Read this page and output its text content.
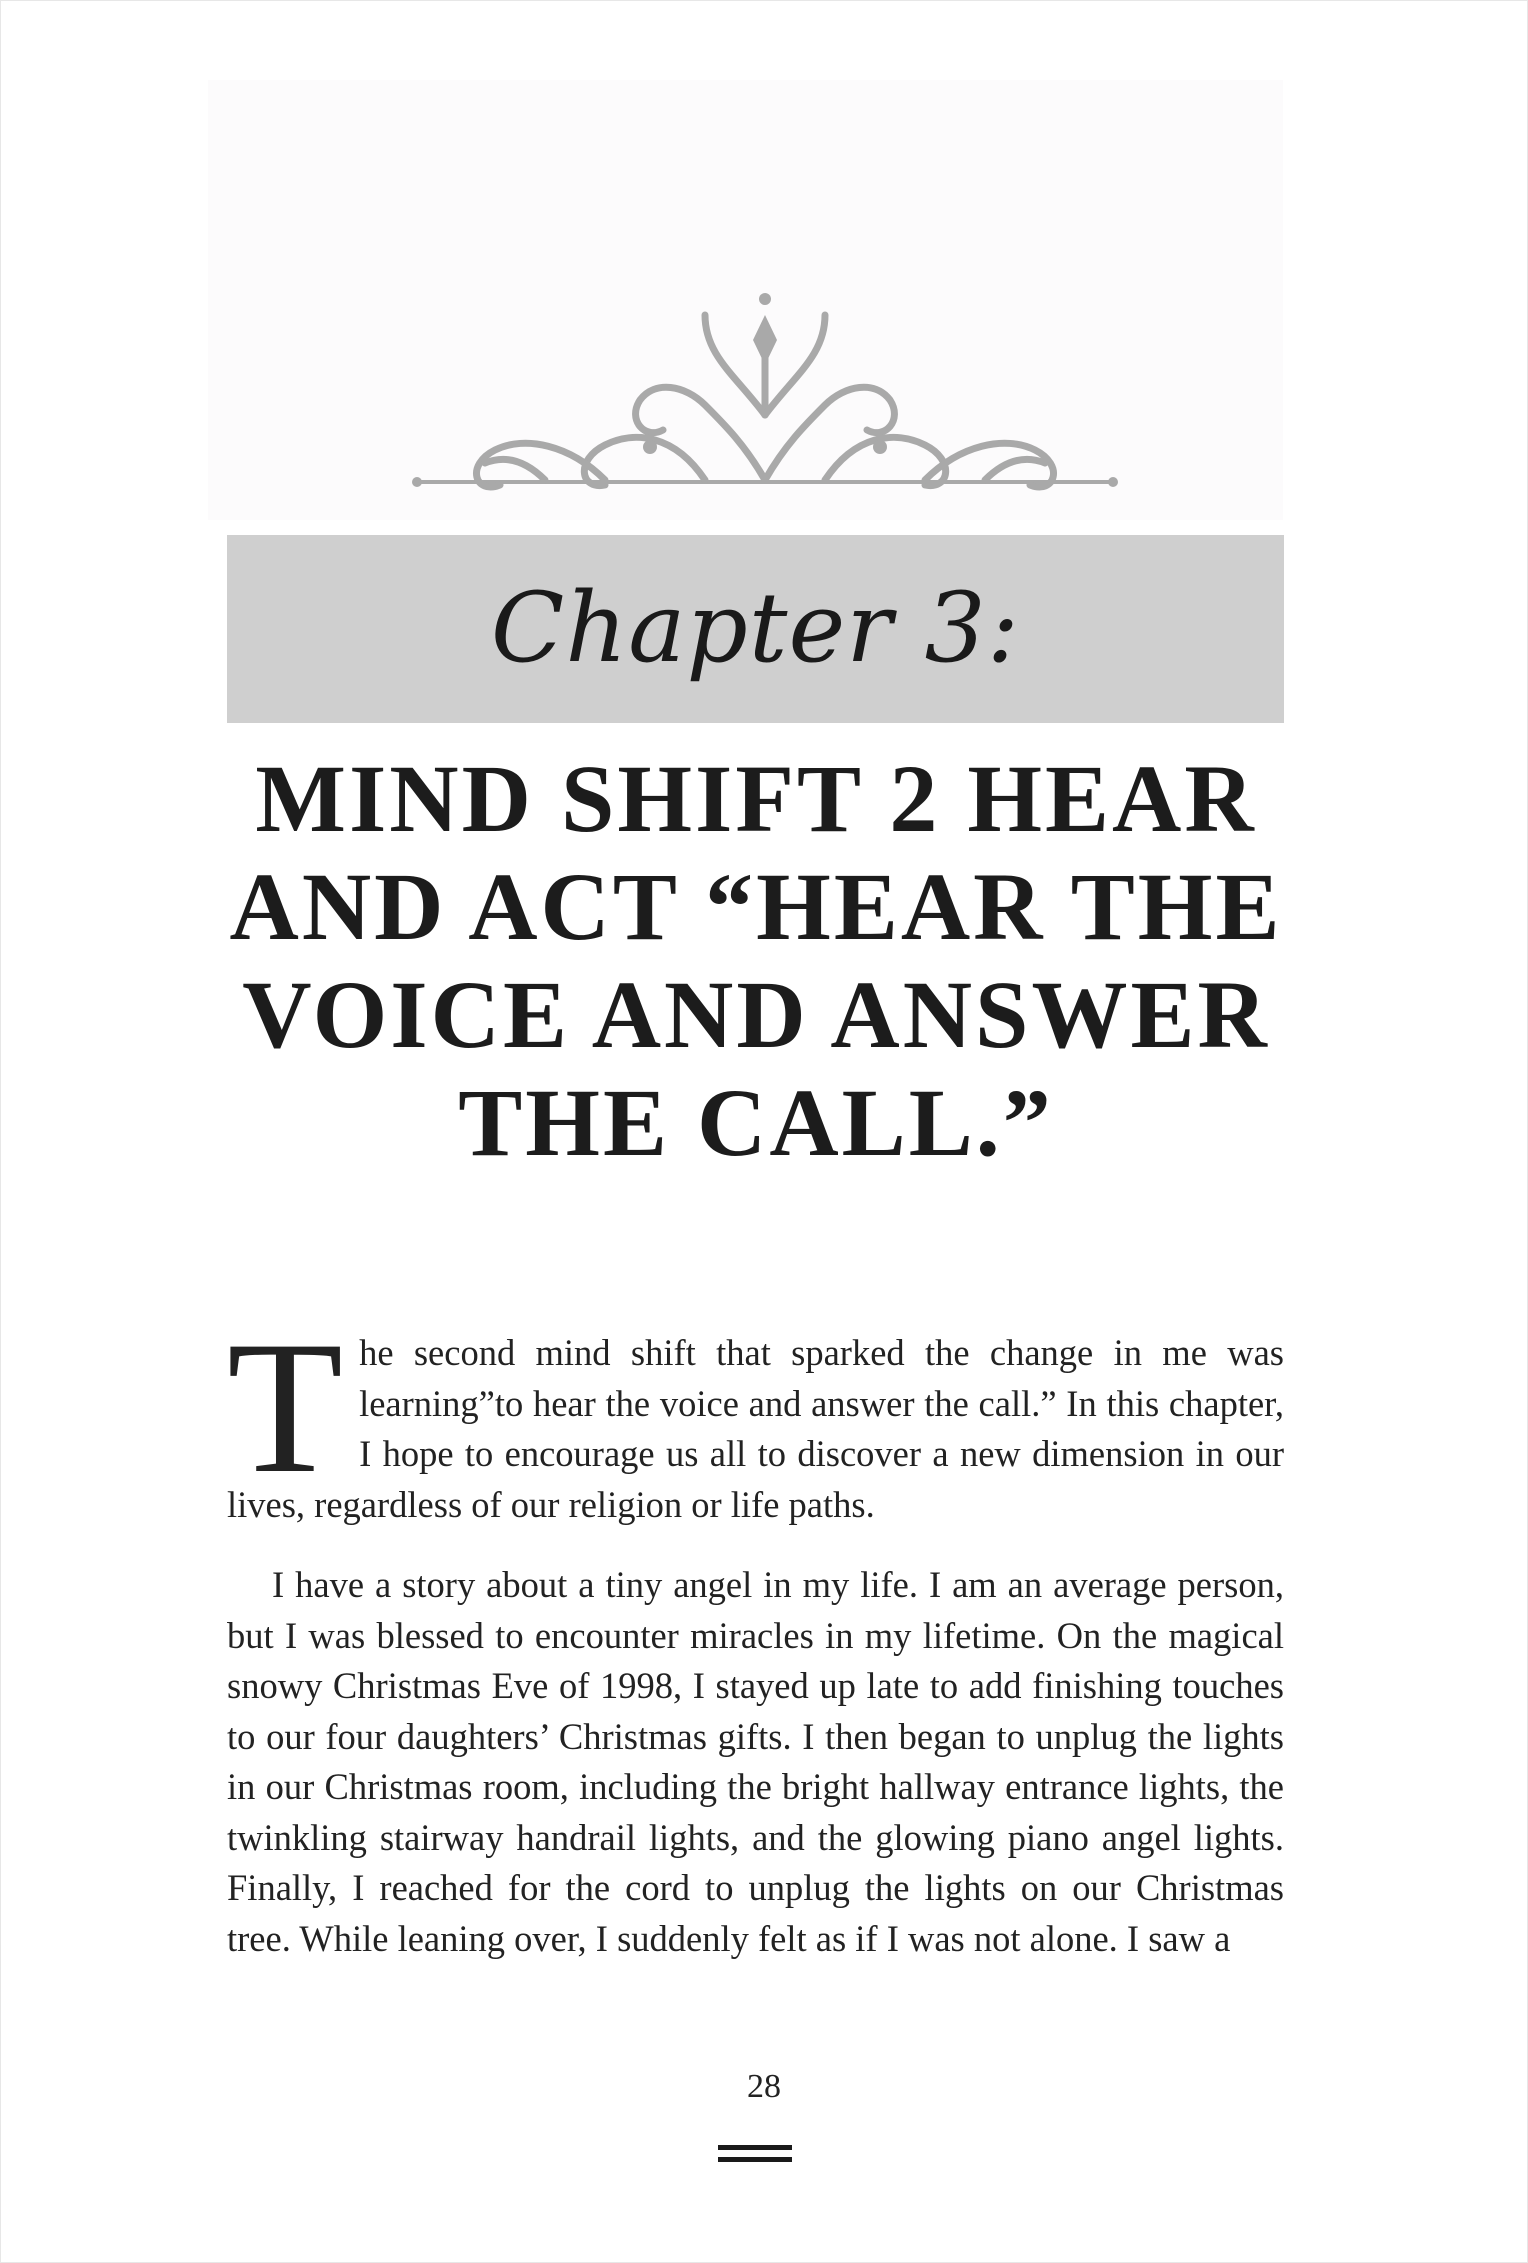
Chapter 3:
MIND SHIFT 2 HEAR AND ACT “HEAR THE VOICE AND ANSWER THE CALL.”

The second mind shift that sparked the change in me was learning”to hear the voice and answer the call.” In this chapter, I hope to encourage us all to discover a new dimension in our lives, regardless of our religion or life paths.

I have a story about a tiny angel in my life. I am an average person, but I was blessed to encounter miracles in my lifetime. On the magical snowy Christmas Eve of 1998, I stayed up late to add finishing touches to our four daughters’ Christmas gifts. I then began to unplug the lights in our Christmas room, including the bright hallway entrance lights, the twinkling stairway handrail lights, and the glowing piano angel lights. Finally, I reached for the cord to unplug the lights on our Christmas tree. While leaning over, I suddenly felt as if I was not alone. I saw a

28
